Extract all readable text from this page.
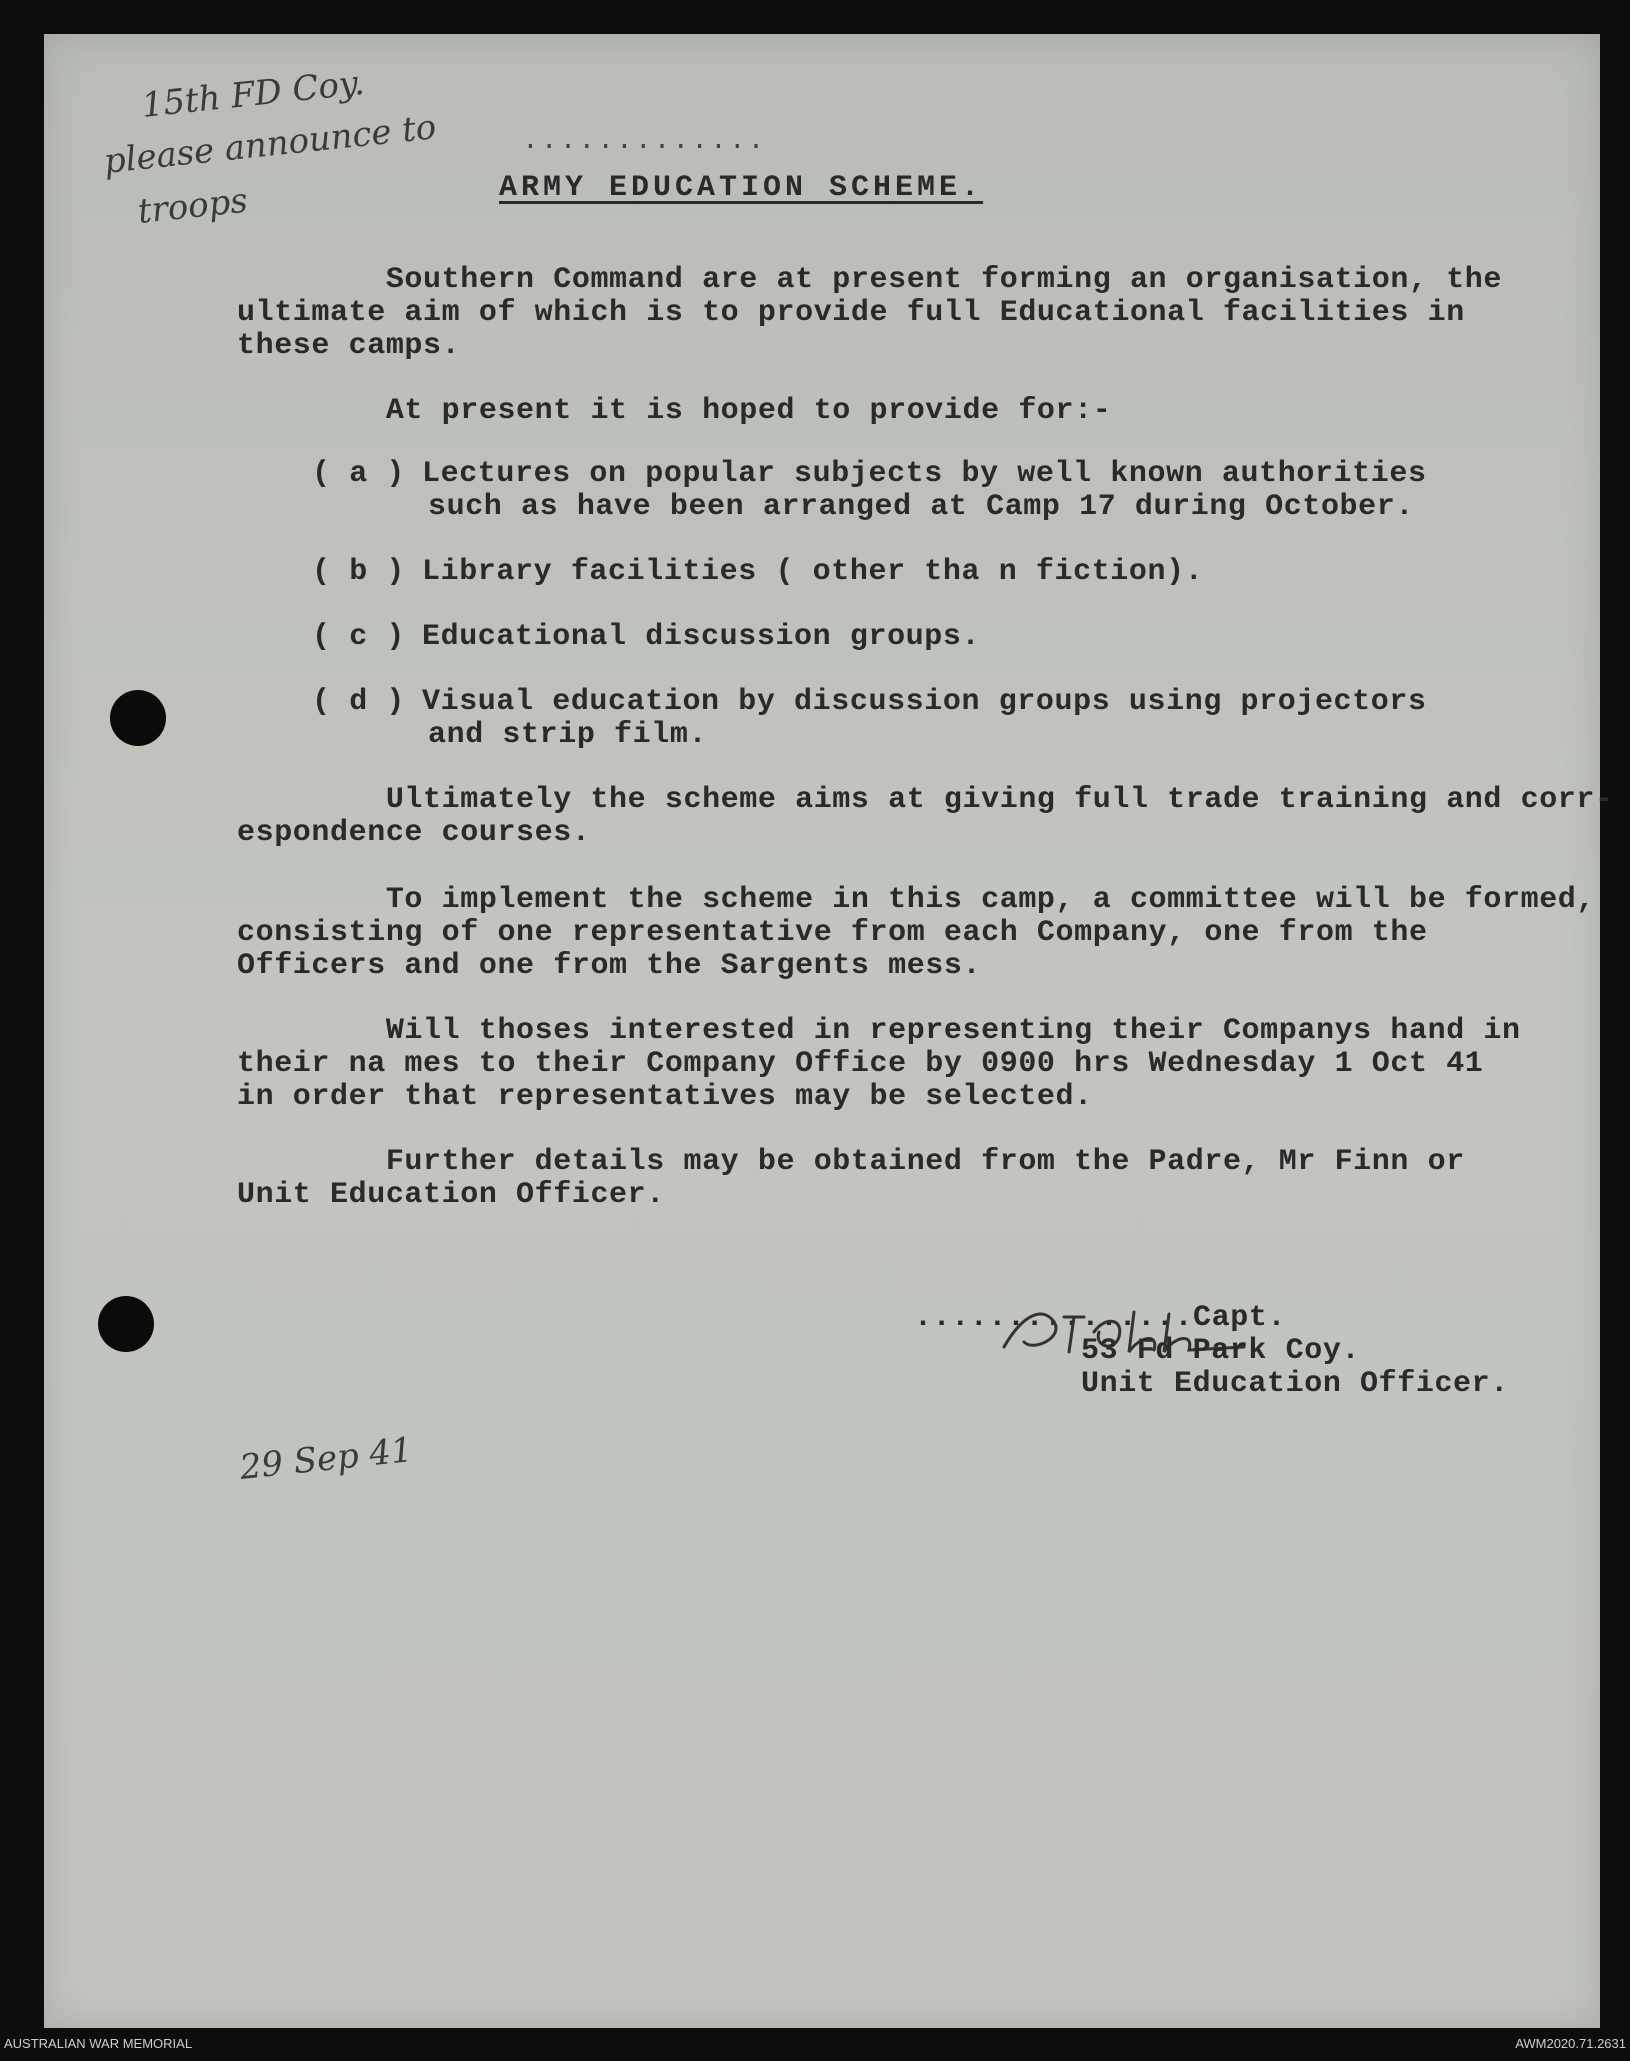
15th FD Coy.
please announce to
troops
.............
ARMY EDUCATION SCHEME.
Southern Command are at present forming an organisation, the
ultimate aim of which is to provide full Educational facilities in
these camps.
At present it is hoped to provide for:-
( a ) Lectures on popular subjects by well known authorities
such as have been arranged at Camp 17 during October.
( b ) Library facilities ( other tha n fiction).
( c ) Educational discussion groups.
( d ) Visual education by discussion groups using projectors
and strip film.
Ultimately the scheme aims at giving full trade training and corr-
espondence courses.
To implement the scheme in this camp, a committee will be formed,
consisting of one representative from each Company, one from the
Officers and one from the Sargents mess.
Will thoses interested in representing their Companys hand in
their na mes to their Company Office by 0900 hrs Wednesday 1 Oct 41
in order that representatives may be selected.
Further details may be obtained from the Padre, Mr Finn or
Unit Education Officer.
...............Capt.
53 Fd Park Coy.
Unit Education Officer.
29 Sep 41
AUSTRALIAN WAR MEMORIAL	AWM2020.71.2631
